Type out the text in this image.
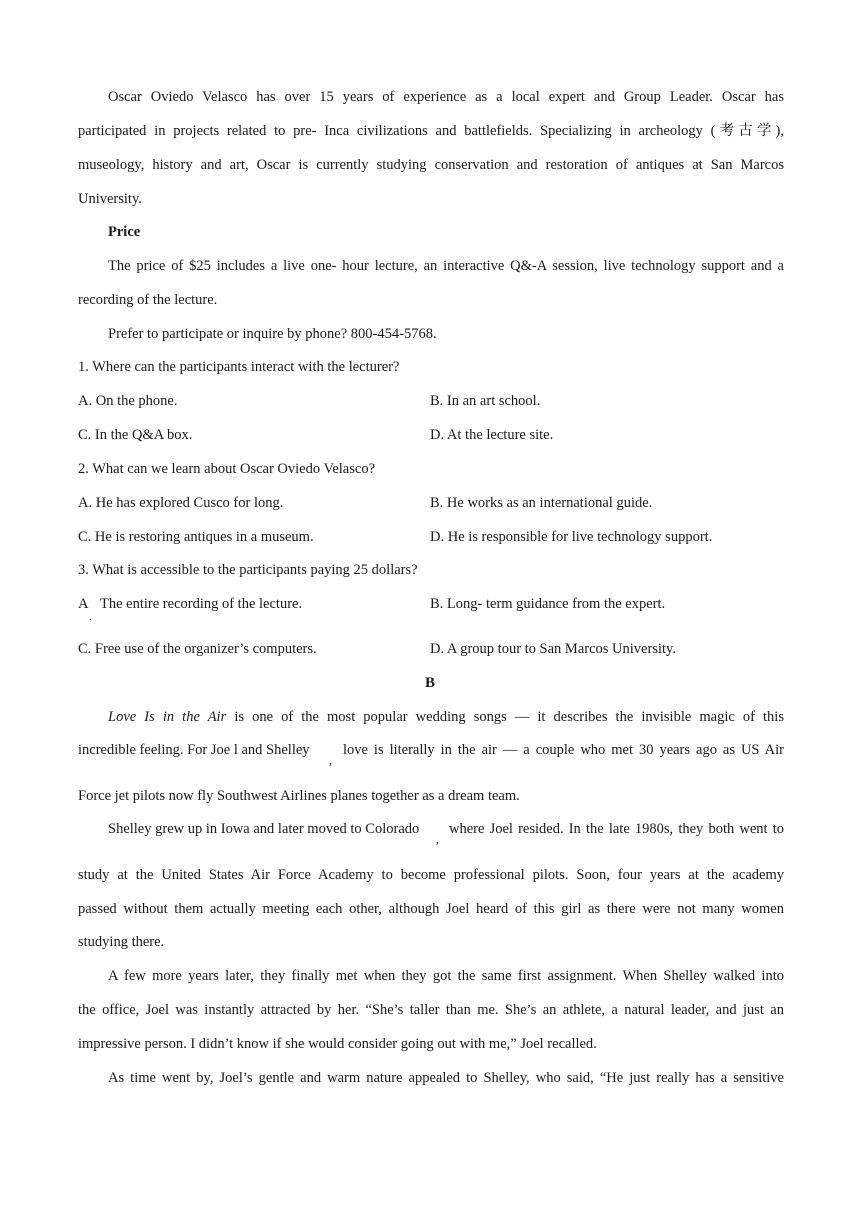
Oscar Oviedo Velasco has over 15 years of experience as a local expert and Group Leader. Oscar has
participated in projects related to pre- Inca civilizations and battlefields. Specializing in archeology (考古学),
museology, history and art, Oscar is currently studying conservation and restoration of antiques at San Marcos
University.
Price
The price of $25 includes a live one- hour lecture, an interactive Q&-A session, live technology support and a
recording of the lecture.
Prefer to participate or inquire by phone? 800-454-5768.
1. Where can the participants interact with the lecturer?
A. On the phone.	B. In an art school.
C. In the Q&A box.	D. At the lecture site.
2. What can we learn about Oscar Oviedo Velasco?
A. He has explored Cusco for long.	B. He works as an international guide.
C. He is restoring antiques in a museum.	D. He is responsible for live technology support.
3. What is accessible to the participants paying 25 dollars?
A
.
The entire recording of the lecture.	B. Long- term guidance from the expert.
C. Free use of the organizer’s computers.	D. A group tour to San Marcos University.
B
Love Is in the Air is one of the most popular wedding songs — it describes the invisible magic of this
incredible feeling. For Joe l and Shelley
,
love is literally in the air — a couple who met 30 years ago as US Air
Force jet pilots now fly Southwest Airlines planes together as a dream team.
Shelley grew up in Iowa and later moved to Colorado
,
where Joel resided. In the late 1980s, they both went to
study at the United States Air Force Academy to become professional pilots. Soon, four years at the academy
passed without them actually meeting each other, although Joel heard of this girl as there were not many women
studying there.
A few more years later, they finally met when they got the same first assignment. When Shelley walked into
the office, Joel was instantly attracted by her. “She’s taller than me. She’s an athlete, a natural leader, and just an
impressive person. I didn’t know if she would consider going out with me,” Joel recalled.
As time went by, Joel’s gentle and warm nature appealed to Shelley, who said, “He just really has a sensitive
